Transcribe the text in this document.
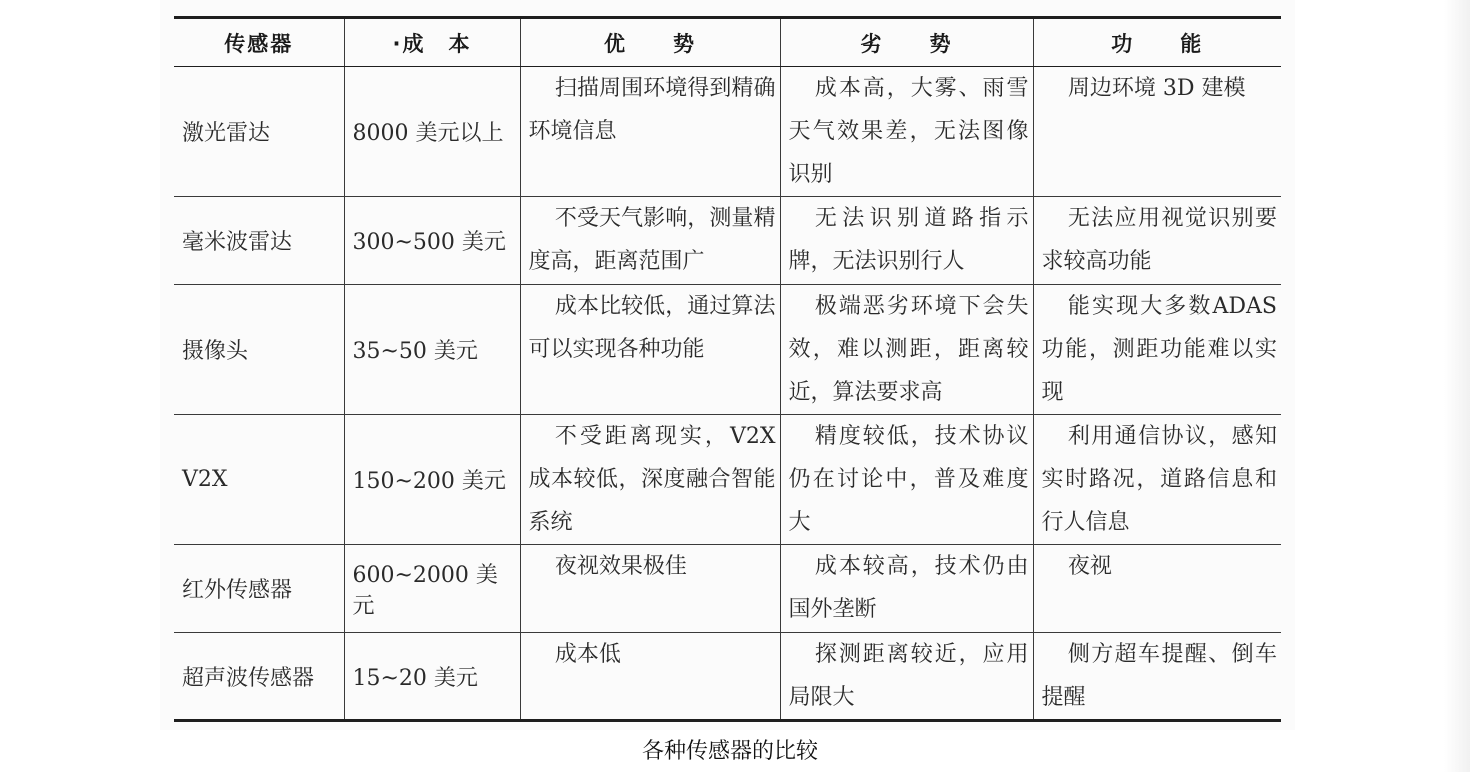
传感器	·成　本	优　　势	劣　　势	功　　能
激光雷达	8000 美元以上	扫描周围环境得到精确环境信息	成本高，大雾、雨雪天气效果差，无法图像识别	周边环境 3D 建模

毫米波雷达	300~500 美元	不受天气影响，测量精度高，距离范围广	无法识别道路指示牌，无法识别行人	无法应用视觉识别要求较高功能

摄像头	35~50 美元	成本比较低，通过算法可以实现各种功能	极端恶劣环境下会失效，难以测距，距离较近，算法要求高	能实现大多数ADAS 功能，测距功能难以实现

V2X	150~200 美元	不受距离现实，V2X成本较低，深度融合智能系统	精度较低，技术协议仍在讨论中，普及难度大	利用通信协议，感知实时路况，道路信息和行人信息

红外传感器	600~2000 美元	夜视效果极佳	成本较高，技术仍由国外垄断	夜视

超声波传感器	15~20 美元	成本低	探测距离较近，应用局限大	侧方超车提醒、倒车提醒

各种传感器的比较
